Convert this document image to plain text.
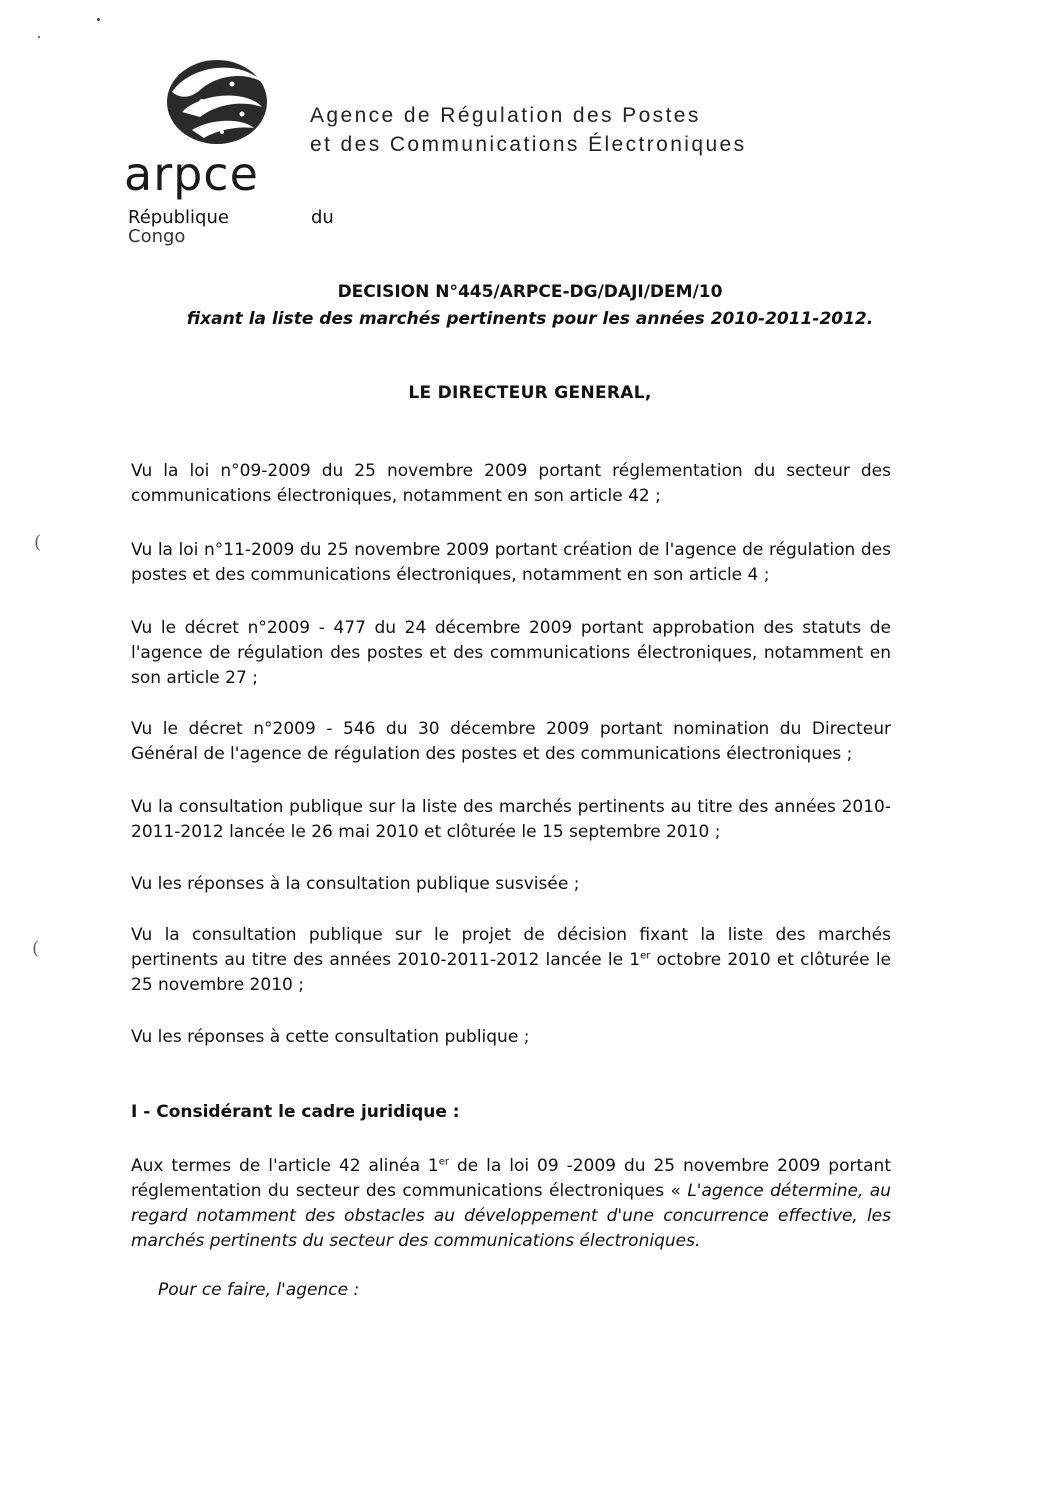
arpce
Agence de Régulation des Postes
et des Communications Électroniques
République	du
Congo
DECISION N°445/ARPCE-DG/DAJI/DEM/10
fixant la liste des marchés pertinents pour les années 2010-2011-2012.
LE DIRECTEUR GENERAL,
Vu la loi n°09-2009 du 25 novembre 2009 portant réglementation du secteur des communications électroniques, notamment en son article 42 ;
Vu la loi n°11-2009 du 25 novembre 2009 portant création de l'agence de régulation des postes et des communications électroniques, notamment en son article 4 ;
Vu le décret n°2009 - 477 du 24 décembre 2009 portant approbation des statuts de l'agence de régulation des postes et des communications électroniques, notamment en son article 27 ;
Vu le décret n°2009 - 546 du 30 décembre 2009 portant nomination du Directeur Général de l'agence de régulation des postes et des communications électroniques ;
Vu la consultation publique sur la liste des marchés pertinents au titre des années 2010-2011-2012 lancée le 26 mai 2010 et clôturée le 15 septembre 2010 ;
Vu les réponses à la consultation publique susvisée ;
Vu la consultation publique sur le projet de décision fixant la liste des marchés pertinents au titre des années 2010-2011-2012 lancée le 1er octobre 2010 et clôturée le 25 novembre 2010 ;
Vu les réponses à cette consultation publique ;
I - Considérant le cadre juridique :
Aux termes de l'article 42 alinéa 1er de la loi 09 -2009 du 25 novembre 2009 portant réglementation du secteur des communications électroniques « L'agence détermine, au regard notamment des obstacles au développement d'une concurrence effective, les marchés pertinents du secteur des communications électroniques.
Pour ce faire, l'agence :
(
(
